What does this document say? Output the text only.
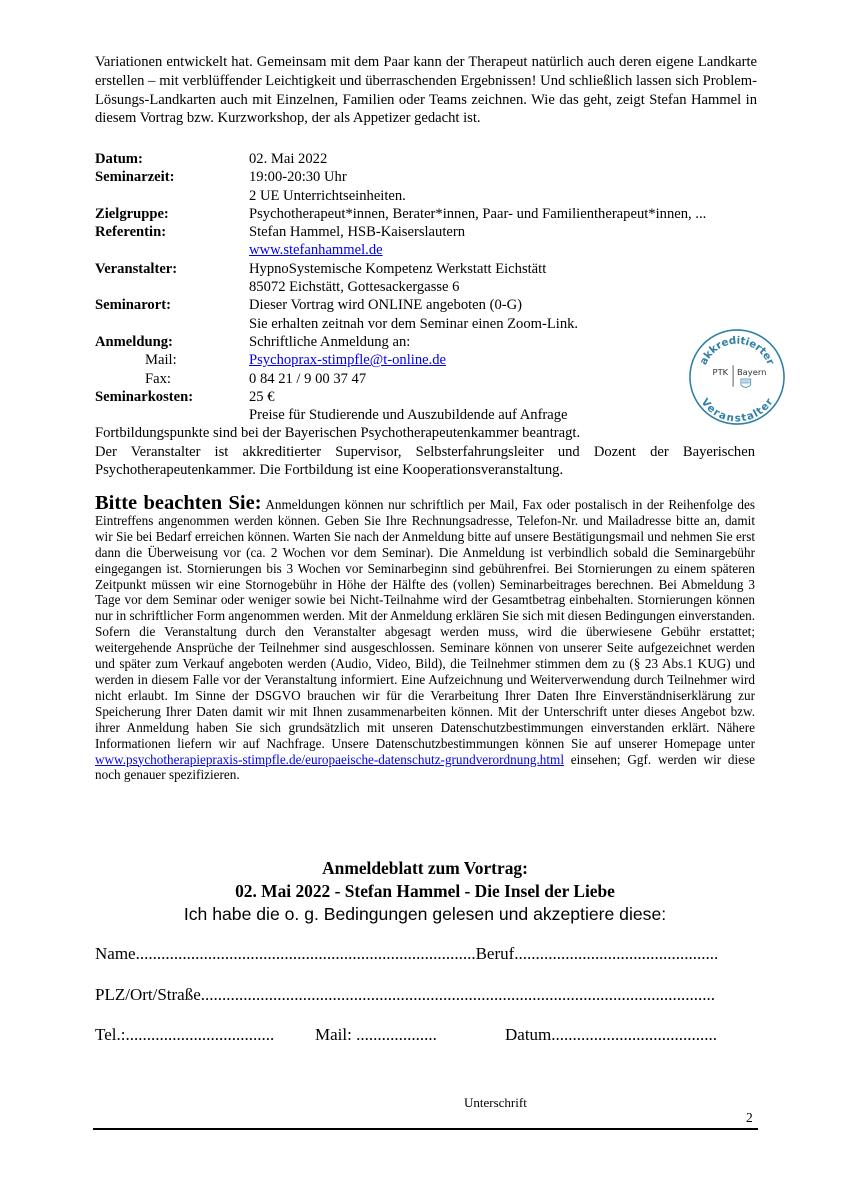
Variationen entwickelt hat. Gemeinsam mit dem Paar kann der Therapeut natürlich auch deren eigene Landkarte erstellen – mit verblüffender Leichtigkeit und überraschenden Ergebnissen! Und schließlich lassen sich Problem-Lösungs-Landkarten auch mit Einzelnen, Familien oder Teams zeichnen. Wie das geht, zeigt Stefan Hammel in diesem Vortrag bzw. Kurzworkshop, der als Appetizer gedacht ist.

Datum:	02. Mai 2022
Seminarzeit:	19:00-20:30 Uhr
2 UE Unterrichtseinheiten.
Zielgruppe:	Psychotherapeut*innen, Berater*innen, Paar- und Familientherapeut*innen, ...
Referentin:	Stefan Hammel, HSB-Kaiserslautern
www.stefanhammel.de
Veranstalter:	HypnoSystemische Kompetenz Werkstatt Eichstätt
85072 Eichstätt, Gottesackergasse 6
Seminarort:	Dieser Vortrag wird ONLINE angeboten (0-G)
Sie erhalten zeitnah vor dem Seminar einen Zoom-Link.
Anmeldung:	Schriftliche Anmeldung an:
Mail:	Psychoprax-stimpfle@t-online.de
Fax:	0 84 21 / 9 00 37 47
Seminarkosten:	25 €
Preise für Studierende und Auszubildende auf Anfrage
Fortbildungspunkte sind bei der Bayerischen Psychotherapeutenkammer beantragt.
Der Veranstalter ist akkreditierter Supervisor, Selbsterfahrungsleiter und Dozent der Bayerischen Psychotherapeutenkammer. Die Fortbildung ist eine Kooperationsveranstaltung.
akkreditierter
Veranstalter
PTK Bayern

Bitte beachten Sie: Anmeldungen können nur schriftlich per Mail, Fax oder postalisch in der Reihenfolge des Eintreffens angenommen werden können. Geben Sie Ihre Rechnungsadresse, Telefon-Nr. und Mailadresse bitte an, damit wir Sie bei Bedarf erreichen können. Warten Sie nach der Anmeldung bitte auf unsere Bestätigungsmail und nehmen Sie erst dann die Überweisung vor (ca. 2 Wochen vor dem Seminar). Die Anmeldung ist verbindlich sobald die Seminargebühr eingegangen ist. Stornierungen bis 3 Wochen vor Seminarbeginn sind gebührenfrei. Bei Stornierungen zu einem späteren Zeitpunkt müssen wir eine Stornogebühr in Höhe der Hälfte des (vollen) Seminarbeitrages berechnen. Bei Abmeldung 3 Tage vor dem Seminar oder weniger sowie bei Nicht-Teilnahme wird der Gesamtbetrag einbehalten. Stornierungen können nur in schriftlicher Form angenommen werden. Mit der Anmeldung erklären Sie sich mit diesen Bedingungen einverstanden. Sofern die Veranstaltung durch den Veranstalter abgesagt werden muss, wird die überwiesene Gebühr erstattet; weitergehende Ansprüche der Teilnehmer sind ausgeschlossen. Seminare können von unserer Seite aufgezeichnet werden und später zum Verkauf angeboten werden (Audio, Video, Bild), die Teilnehmer stimmen dem zu (§ 23 Abs.1 KUG) und werden in diesem Falle vor der Veranstaltung informiert. Eine Aufzeichnung und Weiterverwendung durch Teilnehmer wird nicht erlaubt. Im Sinne der DSGVO brauchen wir für die Verarbeitung Ihrer Daten Ihre Einverständniserklärung zur Speicherung Ihrer Daten damit wir mit Ihnen zusammenarbeiten können. Mit der Unterschrift unter dieses Angebot bzw. ihrer Anmeldung haben Sie sich grundsätzlich mit unseren Datenschutzbestimmungen einverstanden erklärt. Nähere Informationen liefern wir auf Nachfrage. Unsere Datenschutzbestimmungen können Sie auf unserer Homepage unter www.psychotherapiepraxis-stimpfle.de/europaeische-datenschutz-grundverordnung.html einsehen; Ggf. werden wir diese noch genauer spezifizieren.

Anmeldeblatt zum Vortrag:
02. Mai 2022 - Stefan Hammel - Die Insel der Liebe
Ich habe die o. g. Bedingungen gelesen und akzeptiere diese:
Name................................................................................Beruf................................................
PLZ/Ort/Straße.........................................................................................................................
Tel.:................................... Mail: ...................	Datum.......................................
Unterschrift
2
